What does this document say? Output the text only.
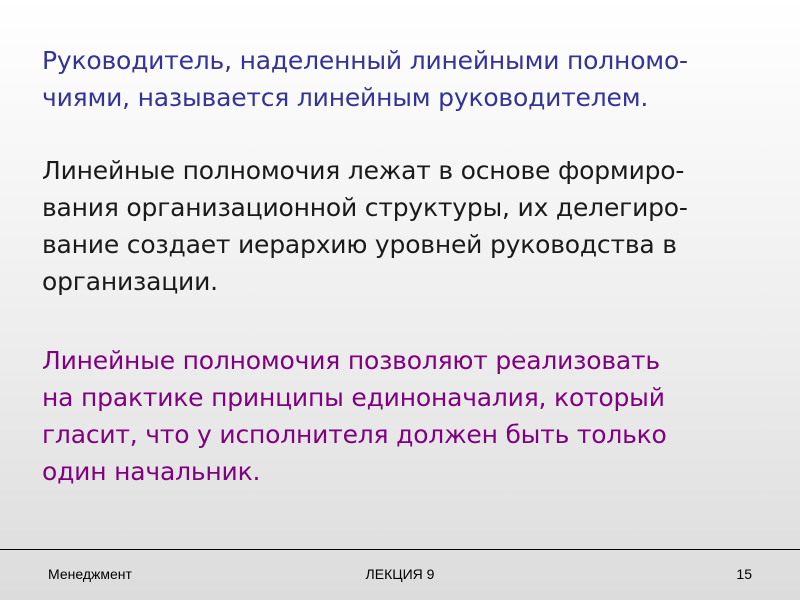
Руководитель, наделенный линейными полномо-
чиями, называется линейным руководителем.
Линейные полномочия лежат в основе формиро-
вания организационной структуры, их делегиро-
вание создает иерархию уровней руководства в
организации.
Линейные полномочия позволяют реализовать
на практике принципы единоначалия, который
гласит, что у исполнителя должен быть только
один начальник.
Менеджмент	ЛЕКЦИЯ 9	15
